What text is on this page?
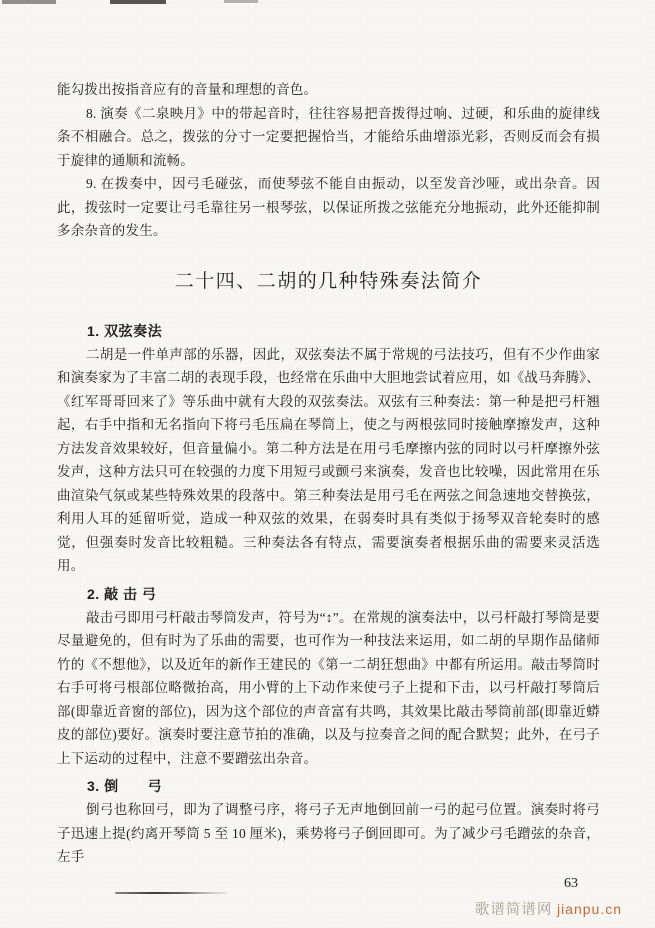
能勾拨出按指音应有的音量和理想的音色。

8. 演奏《二泉映月》中的带起音时，往往容易把音拨得过响、过硬，和乐曲的旋律线条不相融合。总之，拨弦的分寸一定要把握恰当，才能给乐曲增添光彩，否则反而会有损于旋律的通顺和流畅。

9. 在拨奏中，因弓毛碰弦，而使琴弦不能自由振动，以至发音沙哑，或出杂音。因此，拨弦时一定要让弓毛靠往另一根琴弦，以保证所拨之弦能充分地振动，此外还能抑制多余杂音的发生。

二十四、二胡的几种特殊奏法简介
1. 双弦奏法

二胡是一件单声部的乐器，因此，双弦奏法不属于常规的弓法技巧，但有不少作曲家和演奏家为了丰富二胡的表现手段，也经常在乐曲中大胆地尝试着应用，如《战马奔腾》、《红军哥哥回来了》等乐曲中就有大段的双弦奏法。双弦有三种奏法：第一种是把弓杆翘起，右手中指和无名指向下将弓毛压扁在琴筒上，使之与两根弦同时接触摩擦发声，这种方法发音效果较好，但音量偏小。第二种方法是在用弓毛摩擦内弦的同时以弓杆摩擦外弦发声，这种方法只可在较强的力度下用短弓或颤弓来演奏，发音也比较噪，因此常用在乐曲渲染气氛或某些特殊效果的段落中。第三种奏法是用弓毛在两弦之间急速地交替换弦，利用人耳的延留听觉，造成一种双弦的效果，在弱奏时具有类似于扬琴双音轮奏时的感觉，但强奏时发音比较粗糙。三种奏法各有特点，需要演奏者根据乐曲的需要来灵活选用。

2. 敲 击 弓

敲击弓即用弓杆敲击琴筒发声，符号为“↕”。在常规的演奏法中，以弓杆敲打琴筒是要尽量避免的，但有时为了乐曲的需要，也可作为一种技法来运用，如二胡的早期作品储师竹的《不想他》，以及近年的新作王建民的《第一二胡狂想曲》中都有所运用。敲击琴筒时右手可将弓根部位略微抬高，用小臂的上下动作来使弓子上提和下击，以弓杆敲打琴筒后部(即靠近音窗的部位)，因为这个部位的声音富有共鸣，其效果比敲击琴筒前部(即靠近蟒皮的部位)要好。演奏时要注意节拍的准确，以及与拉奏音之间的配合默契；此外，在弓子上下运动的过程中，注意不要蹭弦出杂音。

3. 倒　　弓

倒弓也称回弓，即为了调整弓序，将弓子无声地倒回前一弓的起弓位置。演奏时将弓子迅速上提(约离开琴筒 5 至 10 厘米)，乘势将弓子倒回即可。为了减少弓毛蹭弦的杂音，左手

63
歌谱简谱网 jianpu.cn
